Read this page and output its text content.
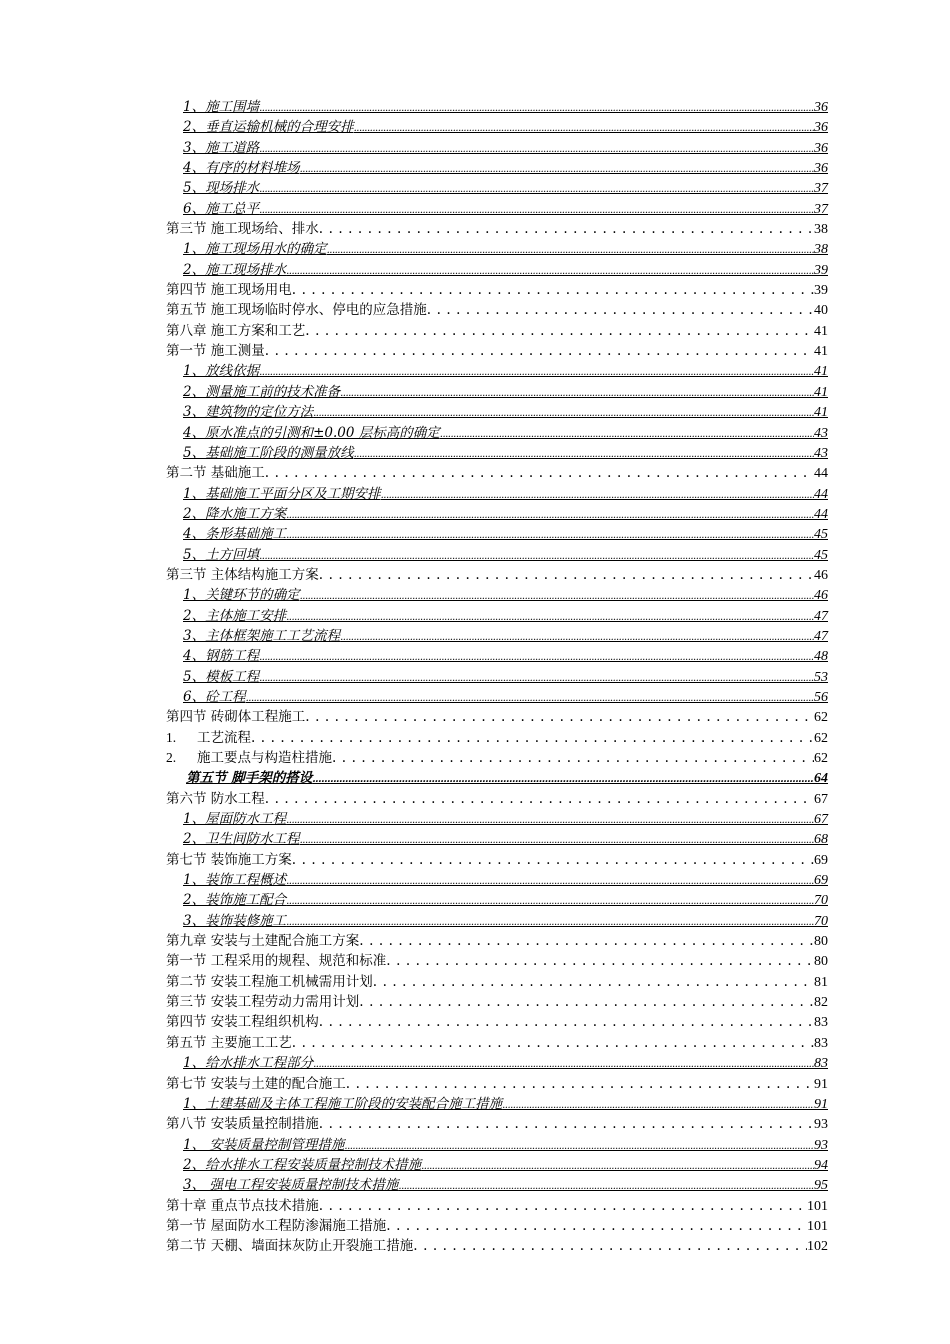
1、施工围墙 .....	36
2、垂直运输机械的合理安排 .....	36
3、施工道路 .....	36
4、有序的材料堆场 .....	36
5、现场排水 .....	37
6、施工总平 .....	37
第三节 施工现场给、排水 . . .	38
1、施工现场用水的确定 .....	38
2、施工现场排水 .....	39
第四节 施工现场用电 . . .	39
第五节 施工现场临时停水、停电的应急措施 . . .	40
第八章 施工方案和工艺 . . .	41
第一节 施工测量 . . .	41
1、放线依据 .....	41
2、测量施工前的技术准备 .....	41
3、建筑物的定位方法 .....	41
4、原水准点的引测和±0.00 层标高的确定 .....	43
5、基础施工阶段的测量放线 .....	43
第二节 基础施工 . . .	44
1、基础施工平面分区及工期安排 .....	44
2、降水施工方案 .....	44
4、条形基础施工 .....	45
5、土方回填 .....	45
第三节 主体结构施工方案 . . .	46
1、关键环节的确定 .....	46
2、主体施工安排 .....	47
3、主体框架施工工艺流程 .....	47
4、钢筋工程 .....	48
5、模板工程 .....	53
6、砼工程 .....	56
第四节 砖砌体工程施工 . . .	62
1. 工艺流程 . . .	62
2. 施工要点与构造柱措施 . . .	62
第五节 脚手架的搭设 .....	64
第六节 防水工程 . . .	67
1、屋面防水工程 .....	67
2、卫生间防水工程 .....	68
第七节 装饰施工方案 . . .	69
1、装饰工程概述 .....	69
2、装饰施工配合 .....	70
3、装饰装修施工 .....	70
第九章 安装与土建配合施工方案 . . .	80
第一节 工程采用的规程、规范和标准 . . .	80
第二节 安装工程施工机械需用计划 . . .	81
第三节 安装工程劳动力需用计划 . . .	82
第四节 安装工程组织机构 . . .	83
第五节 主要施工工艺 . . .	83
1、给水排水工程部分 .....	83
第七节 安装与土建的配合施工 . . .	91
1、土建基础及主体工程施工阶段的安装配合施工措施 .....	91
第八节 安装质量控制措施 . . .	93
1、 安装质量控制管理措施 .....	93
2、给水排水工程安装质量控制技术措施 .....	94
3、 强电工程安装质量控制技术措施 .....	95
第十章 重点节点技术措施 . . .	101
第一节 屋面防水工程防渗漏施工措施 . . .	101
第二节 天棚、墙面抹灰防止开裂施工措施 . . .	102
